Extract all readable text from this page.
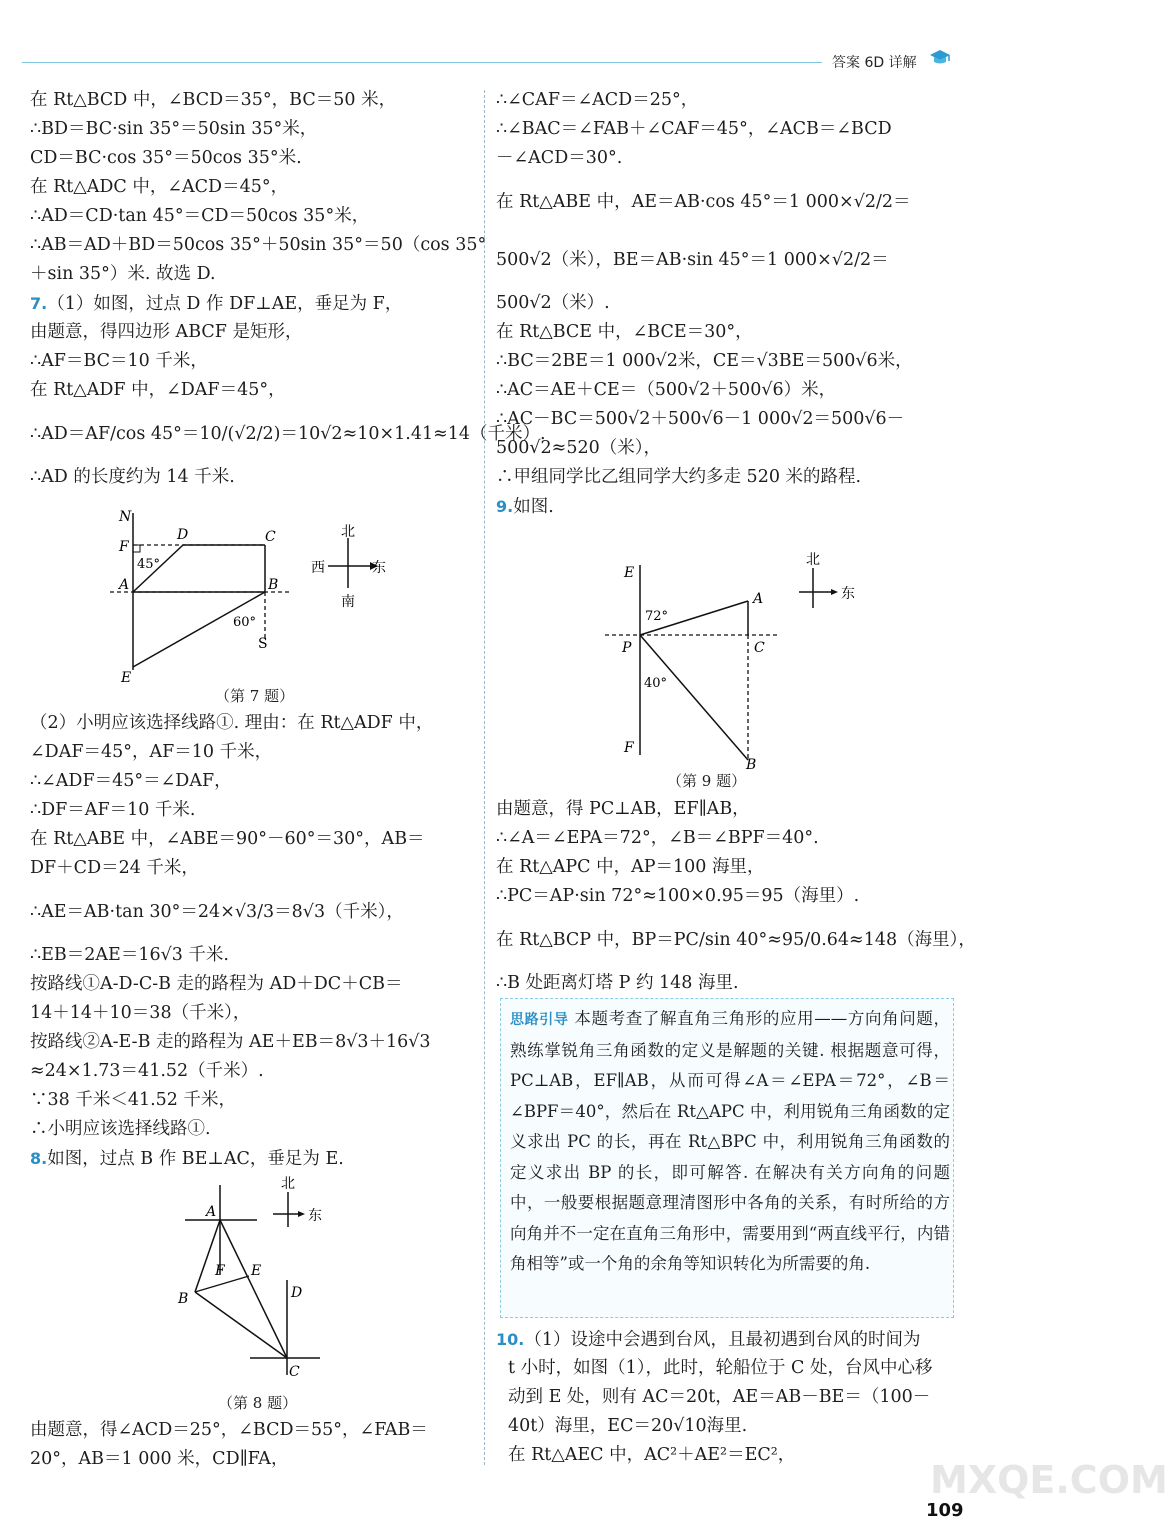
答案 6D 详解
在 Rt△BCD 中，∠BCD＝35°，BC＝50 米，
∴BD＝BC·sin 35°＝50sin 35°米，
CD＝BC·cos 35°＝50cos 35°米.
在 Rt△ADC 中，∠ACD＝45°，
∴AD＝CD·tan 45°＝CD＝50cos 35°米，
∴AB＝AD＋BD＝50cos 35°＋50sin 35°＝50（cos 35°
＋sin 35°）米. 故选 D.
7.（1）如图，过点 D 作 DF⊥AE，垂足为 F，
由题意，得四边形 ABCF 是矩形，
∴AF＝BC＝10 千米，
在 Rt△ADF 中，∠DAF＝45°，
∴AD＝AF/cos 45°＝10/(√2/2)＝10√2≈10×1.41≈14（千米）.
∴AD 的长度约为 14 千米.
N
D	C
F
45°
A	B
60°
S
E
北
西	东
南
（第 7 题）
（2）小明应该选择线路①. 理由：在 Rt△ADF 中，
∠DAF＝45°，AF＝10 千米，
∴∠ADF＝45°＝∠DAF，
∴DF＝AF＝10 千米.
在 Rt△ABE 中，∠ABE＝90°－60°＝30°，AB＝
DF＋CD＝24 千米，
∴AE＝AB·tan 30°＝24×√3/3＝8√3（千米），
∴EB＝2AE＝16√3 千米.
按路线①A-D-C-B 走的路程为 AD＋DC＋CB＝
14＋14＋10＝38（千米），
按路线②A-E-B 走的路程为 AE＋EB＝8√3＋16√3
≈24×1.73＝41.52（千米）.
∵38 千米＜41.52 千米，
∴小明应该选择线路①.
8.如图，过点 B 作 BE⊥AC，垂足为 E.
A
F E
B	D
C
北
东
（第 8 题）
由题意，得∠ACD＝25°，∠BCD＝55°，∠FAB＝
20°，AB＝1 000 米，CD∥FA，
∴∠CAF＝∠ACD＝25°，
∴∠BAC＝∠FAB＋∠CAF＝45°，∠ACB＝∠BCD
－∠ACD＝30°.
在 Rt△ABE 中，AE＝AB·cos 45°＝1 000×√2/2＝
500√2（米），BE＝AB·sin 45°＝1 000×√2/2＝
500√2（米）.
在 Rt△BCE 中，∠BCE＝30°，
∴BC＝2BE＝1 000√2米，CE＝√3BE＝500√6米，
∴AC＝AE＋CE＝（500√2＋500√6）米，
∴AC－BC＝500√2＋500√6－1 000√2＝500√6－
500√2≈520（米），
∴甲组同学比乙组同学大约多走 520 米的路程.
9.如图.
E
72°
A
P	C
40°
F
B
北
东
（第 9 题）
由题意，得 PC⊥AB，EF∥AB，
∴∠A＝∠EPA＝72°，∠B＝∠BPF＝40°.
在 Rt△APC 中，AP＝100 海里，
∴PC＝AP·sin 72°≈100×0.95＝95（海里）.
在 Rt△BCP 中，BP＝PC/sin 40°≈95/0.64≈148（海里），
∴B 处距离灯塔 P 约 148 海里.
思路引导 本题考查了解直角三角形的应用——方向角问题，熟练掌锐角三角函数的定义是解题的关键. 根据题意可得，PC⊥AB，EF∥AB，从而可得∠A＝∠EPA＝72°，∠B＝∠BPF＝40°，然后在 Rt△APC 中，利用锐角三角函数的定义求出 PC 的长，再在 Rt△BPC 中，利用锐角三角函数的定义求出 BP 的长，即可解答. 在解决有关方向角的问题中，一般要根据题意理清图形中各角的关系，有时所给的方向角并不一定在直角三角形中，需要用到“两直线平行，内错角相等”或一个角的余角等知识转化为所需要的角.
10.（1）设途中会遇到台风，且最初遇到台风的时间为
t 小时，如图（1），此时，轮船位于 C 处，台风中心移
动到 E 处，则有 AC＝20t，AE＝AB－BE＝（100－
40t）海里，EC＝20√10海里.
在 Rt△AEC 中，AC²＋AE²＝EC²，
MXQE.COM
109
